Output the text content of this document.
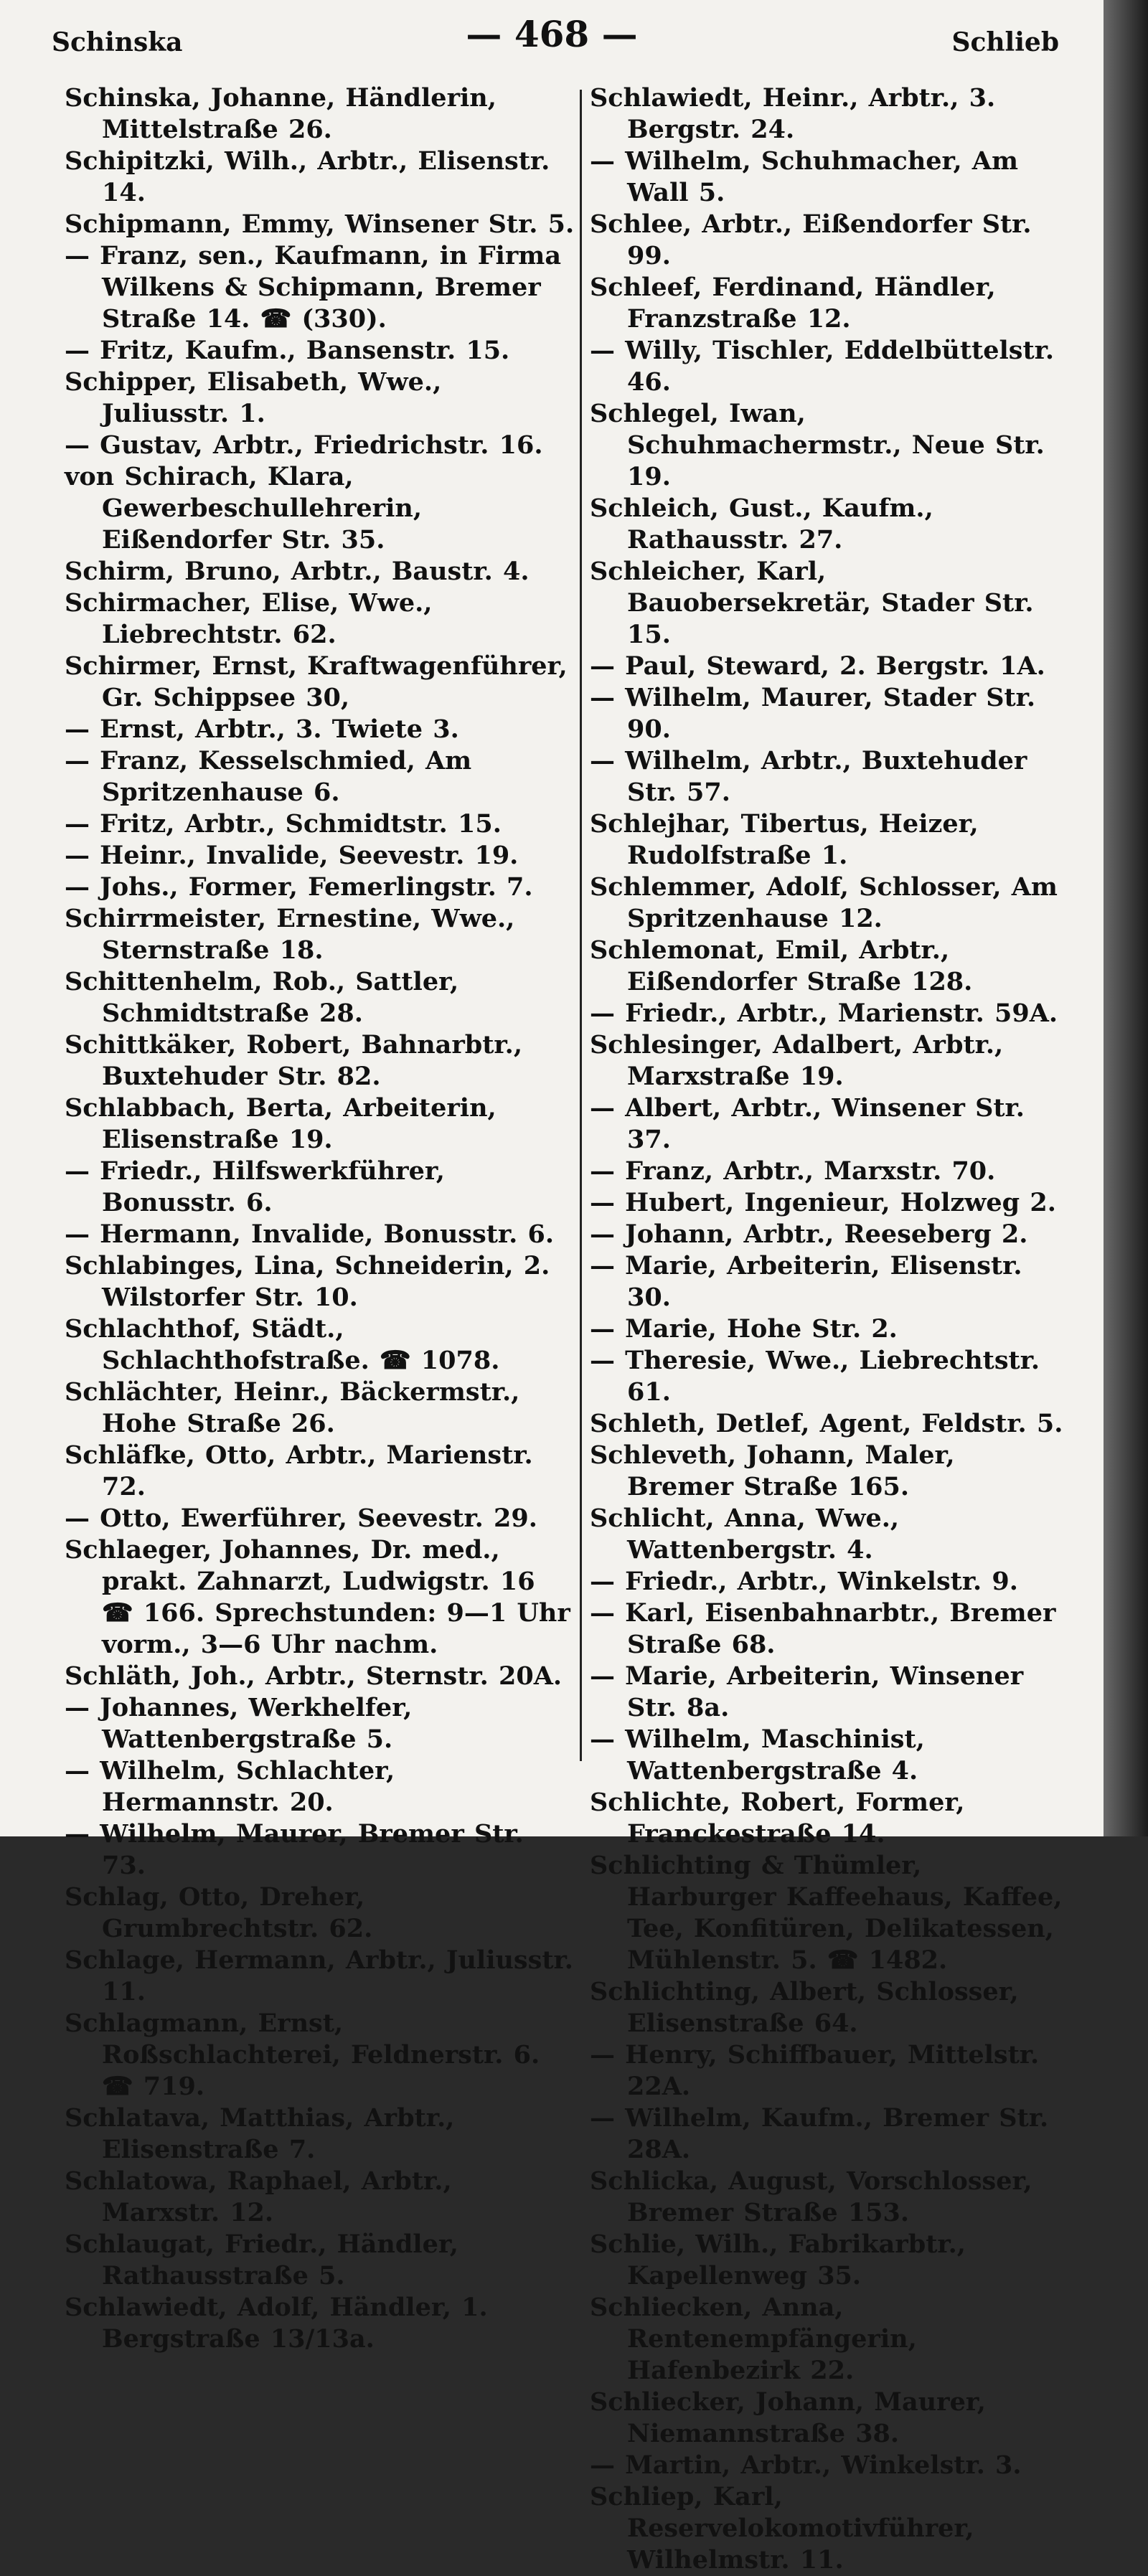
Schinska	— 468 —	Schlieb
Schinska, Johanne, Händlerin, Mittelstraße 26.
Schipitzki, Wilh., Arbtr., Elisenstr. 14.
Schipmann, Emmy, Winsener Str. 5.
— Franz, sen., Kaufmann, in Firma Wilkens & Schipmann, Bremer Straße 14. ☎ (330).
— Fritz, Kaufm., Bansenstr. 15.
Schipper, Elisabeth, Wwe., Juliusstr. 1.
— Gustav, Arbtr., Friedrichstr. 16.
von Schirach, Klara, Gewerbeschullehrerin, Eißendorfer Str. 35.
Schirm, Bruno, Arbtr., Baustr. 4.
Schirmacher, Elise, Wwe., Liebrechtstr. 62.
Schirmer, Ernst, Kraftwagenführer, Gr. Schippsee 30,
— Ernst, Arbtr., 3. Twiete 3.
— Franz, Kesselschmied, Am Spritzenhause 6.
— Fritz, Arbtr., Schmidtstr. 15.
— Heinr., Invalide, Seevestr. 19.
— Johs., Former, Femerlingstr. 7.
Schirrmeister, Ernestine, Wwe., Sternstraße 18.
Schittenhelm, Rob., Sattler, Schmidtstraße 28.
Schittkäker, Robert, Bahnarbtr., Buxtehuder Str. 82.
Schlabbach, Berta, Arbeiterin, Elisenstraße 19.
— Friedr., Hilfswerkführer, Bonusstr. 6.
— Hermann, Invalide, Bonusstr. 6.
Schlabinges, Lina, Schneiderin, 2. Wilstorfer Str. 10.
Schlachthof, Städt., Schlachthofstraße. ☎ 1078.
Schlächter, Heinr., Bäckermstr., Hohe Straße 26.
Schläfke, Otto, Arbtr., Marienstr. 72.
— Otto, Ewerführer, Seevestr. 29.
Schlaeger, Johannes, Dr. med., prakt. Zahnarzt, Ludwigstr. 16 ☎ 166. Sprechstunden: 9—1 Uhr vorm., 3—6 Uhr nachm.
Schläth, Joh., Arbtr., Sternstr. 20A.
— Johannes, Werkhelfer, Wattenbergstraße 5.
— Wilhelm, Schlachter, Hermannstr. 20.
— Wilhelm, Maurer, Bremer Str. 73.
Schlag, Otto, Dreher, Grumbrechtstr. 62.
Schlage, Hermann, Arbtr., Juliusstr. 11.
Schlagmann, Ernst, Roßschlachterei, Feldnerstr. 6. ☎ 719.
Schlatava, Matthias, Arbtr., Elisenstraße 7.
Schlatowa, Raphael, Arbtr., Marxstr. 12.
Schlaugat, Friedr., Händler, Rathausstraße 5.
Schlawiedt, Adolf, Händler, 1. Bergstraße 13/13a.
Schlawiedt, Heinr., Arbtr., 3. Bergstr. 24.
— Wilhelm, Schuhmacher, Am Wall 5.
Schlee, Arbtr., Eißendorfer Str. 99.
Schleef, Ferdinand, Händler, Franzstraße 12.
— Willy, Tischler, Eddelbüttelstr. 46.
Schlegel, Iwan, Schuhmachermstr., Neue Str. 19.
Schleich, Gust., Kaufm., Rathausstr. 27.
Schleicher, Karl, Bauobersekretär, Stader Str. 15.
— Paul, Steward, 2. Bergstr. 1A.
— Wilhelm, Maurer, Stader Str. 90.
— Wilhelm, Arbtr., Buxtehuder Str. 57.
Schlejhar, Tibertus, Heizer, Rudolfstraße 1.
Schlemmer, Adolf, Schlosser, Am Spritzenhause 12.
Schlemonat, Emil, Arbtr., Eißendorfer Straße 128.
— Friedr., Arbtr., Marienstr. 59A.
Schlesinger, Adalbert, Arbtr., Marxstraße 19.
— Albert, Arbtr., Winsener Str. 37.
— Franz, Arbtr., Marxstr. 70.
— Hubert, Ingenieur, Holzweg 2.
— Johann, Arbtr., Reeseberg 2.
— Marie, Arbeiterin, Elisenstr. 30.
— Marie, Hohe Str. 2.
— Theresie, Wwe., Liebrechtstr. 61.
Schleth, Detlef, Agent, Feldstr. 5.
Schleveth, Johann, Maler, Bremer Straße 165.
Schlicht, Anna, Wwe., Wattenbergstr. 4.
— Friedr., Arbtr., Winkelstr. 9.
— Karl, Eisenbahnarbtr., Bremer Straße 68.
— Marie, Arbeiterin, Winsener Str. 8a.
— Wilhelm, Maschinist, Wattenbergstraße 4.
Schlichte, Robert, Former, Franckestraße 14.
Schlichting & Thümler, Harburger Kaffeehaus, Kaffee, Tee, Konfitüren, Delikatessen, Mühlenstr. 5. ☎ 1482.
Schlichting, Albert, Schlosser, Elisenstraße 64.
— Henry, Schiffbauer, Mittelstr. 22A.
— Wilhelm, Kaufm., Bremer Str. 28A.
Schlicka, August, Vorschlosser, Bremer Straße 153.
Schlie, Wilh., Fabrikarbtr., Kapellenweg 35.
Schliecken, Anna, Rentenempfängerin, Hafenbezirk 22.
Schliecker, Johann, Maurer, Niemannstraße 38.
— Martin, Arbtr., Winkelstr. 3.
Schliep, Karl, Reservelokomotivführer, Wilhelmstr. 11.
